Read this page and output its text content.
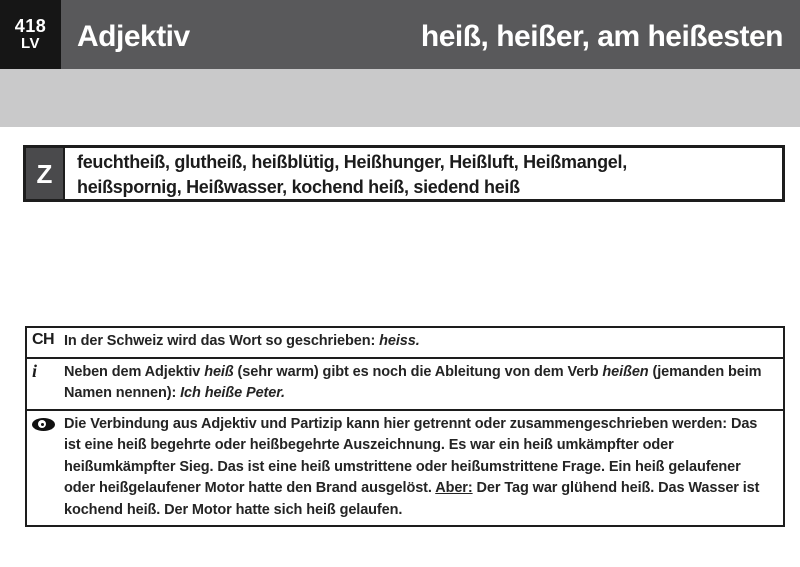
418
LV Adjektiv	heiß, heißer, am heißesten
Z	feuchtheiß, glutheiß, heißblütig, Heißhunger, Heißluft, Heißmangel,
heißspornig, Heißwasser, kochend heiß, siedend heiß
CH In der Schweiz wird das Wort so geschrieben: heiss.
i	Neben dem Adjektiv heiß (sehr warm) gibt es noch die Ableitung von dem Verb heißen (jemanden beim Namen nennen): Ich heiße Peter.
Die Verbindung aus Adjektiv und Partizip kann hier getrennt oder zusammengeschrieben werden: Das ist eine heiß begehrte oder heißbegehrte Auszeichnung. Es war ein heiß umkämpfter oder heißumkämpfter Sieg. Das ist eine heiß umstrittene oder heißumstrittene Frage. Ein heiß gelaufener oder heißgelaufener Motor hatte den Brand ausgelöst. Aber: Der Tag war glühend heiß. Das Wasser ist kochend heiß. Der Motor hatte sich heiß gelaufen.
